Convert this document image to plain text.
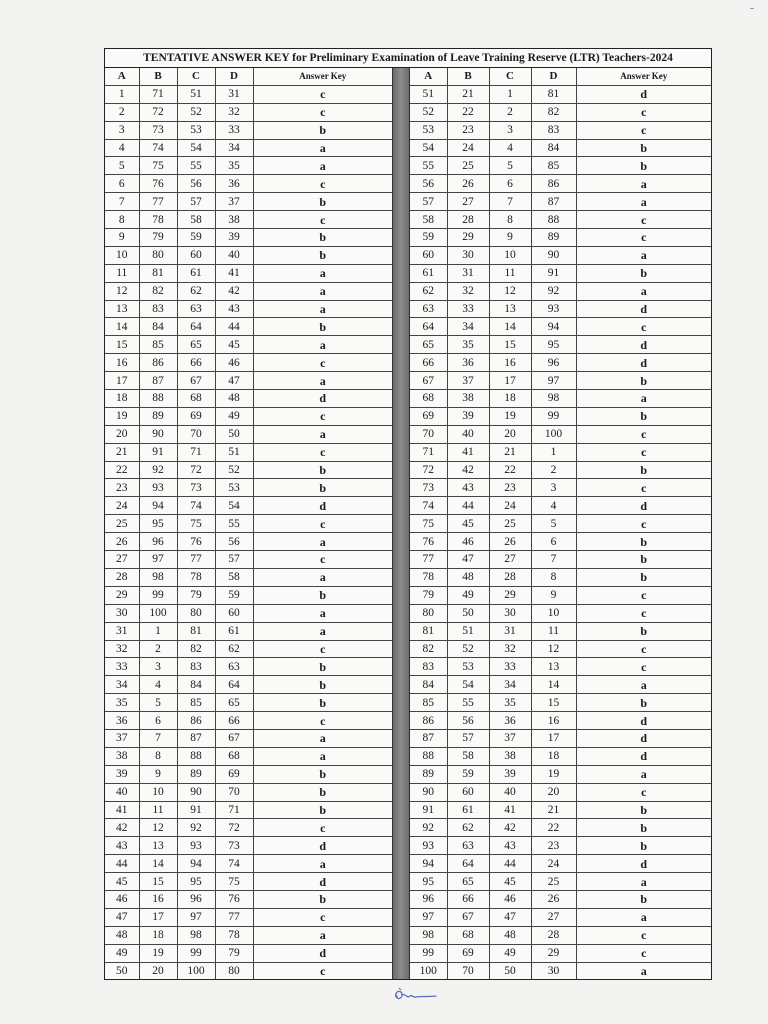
TENTATIVE ANSWER KEY for Preliminary Examination of Leave Training Reserve (LTR) Teachers-2024
A	B	C	D	Answer Key
1	71	51	31	c
2	72	52	32	c
3	73	53	33	b
4	74	54	34	a
5	75	55	35	a
6	76	56	36	c
7	77	57	37	b
8	78	58	38	c
9	79	59	39	b
10	80	60	40	b
11	81	61	41	a
12	82	62	42	a
13	83	63	43	a
14	84	64	44	b
15	85	65	45	a
16	86	66	46	c
17	87	67	47	a
18	88	68	48	d
19	89	69	49	c
20	90	70	50	a
21	91	71	51	c
22	92	72	52	b
23	93	73	53	b
24	94	74	54	d
25	95	75	55	c
26	96	76	56	a
27	97	77	57	c
28	98	78	58	a
29	99	79	59	b
30	100	80	60	a
31	1	81	61	a
32	2	82	62	c
33	3	83	63	b
34	4	84	64	b
35	5	85	65	b
36	6	86	66	c
37	7	87	67	a
38	8	88	68	a
39	9	89	69	b
40	10	90	70	b
41	11	91	71	b
42	12	92	72	c
43	13	93	73	d
44	14	94	74	a
45	15	95	75	d
46	16	96	76	b
47	17	97	77	c
48	18	98	78	a
49	19	99	79	d
50	20	100	80	c
A	B	C	D	Answer Key
51	21	1	81	d
52	22	2	82	c
53	23	3	83	c
54	24	4	84	b
55	25	5	85	b
56	26	6	86	a
57	27	7	87	a
58	28	8	88	c
59	29	9	89	c
60	30	10	90	a
61	31	11	91	b
62	32	12	92	a
63	33	13	93	d
64	34	14	94	c
65	35	15	95	d
66	36	16	96	d
67	37	17	97	b
68	38	18	98	a
69	39	19	99	b
70	40	20	100	c
71	41	21	1	c
72	42	22	2	b
73	43	23	3	c
74	44	24	4	d
75	45	25	5	c
76	46	26	6	b
77	47	27	7	b
78	48	28	8	b
79	49	29	9	c
80	50	30	10	c
81	51	31	11	b
82	52	32	12	c
83	53	33	13	c
84	54	34	14	a
85	55	35	15	b
86	56	36	16	d
87	57	37	17	d
88	58	38	18	d
89	59	39	19	a
90	60	40	20	c
91	61	41	21	b
92	62	42	22	b
93	63	43	23	b
94	64	44	24	d
95	65	45	25	a
96	66	46	26	b
97	67	47	27	a
98	68	48	28	c
99	69	49	29	c
100	70	50	30	a
